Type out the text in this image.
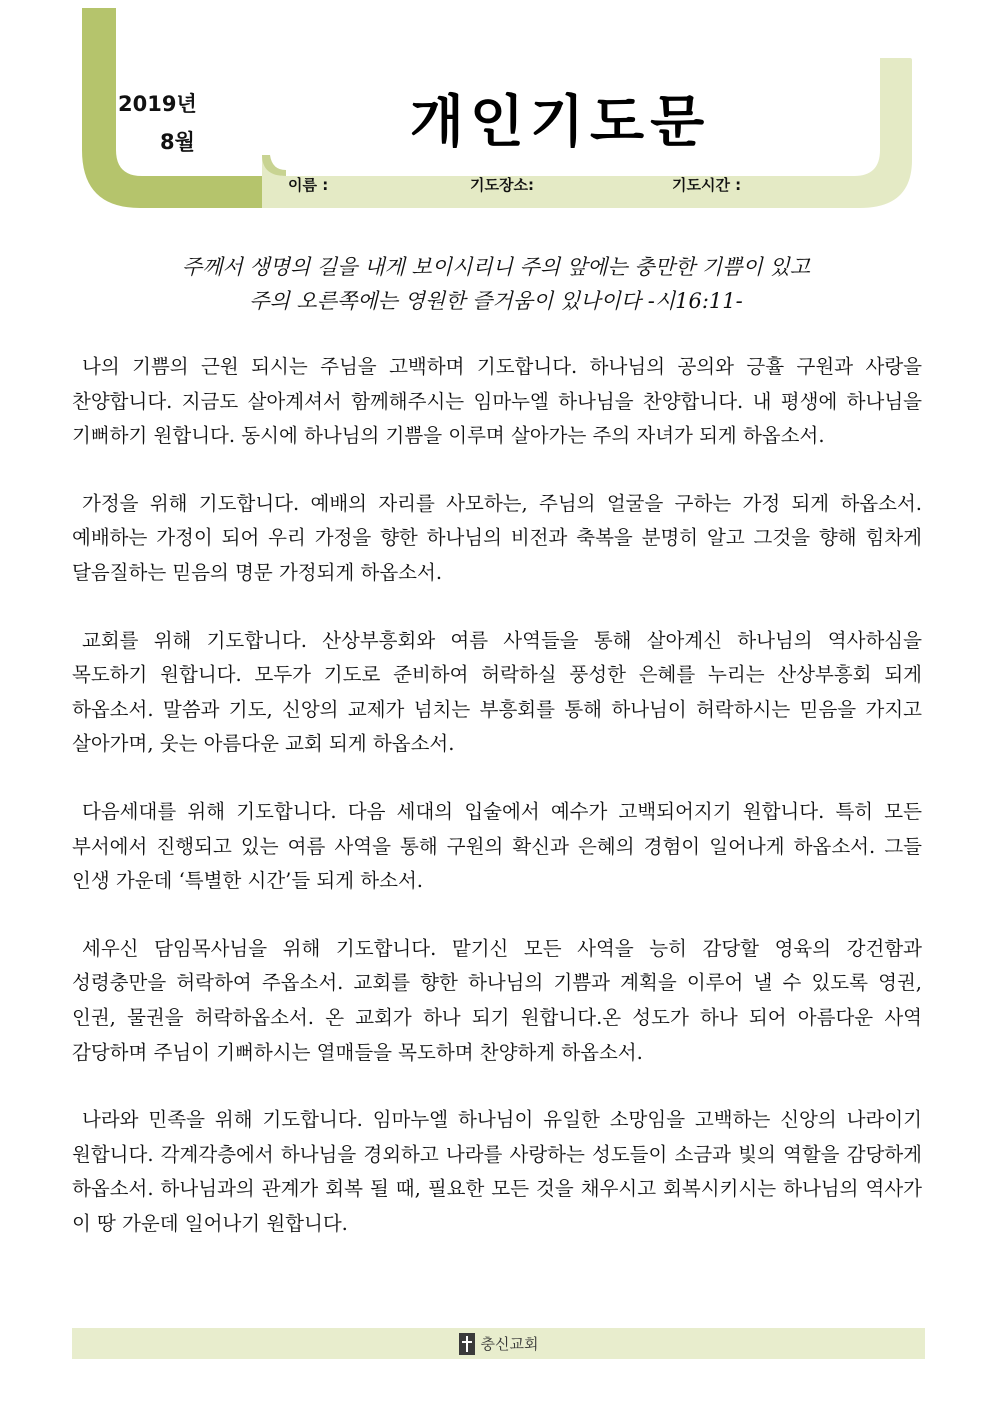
2019년
8월	개인기도문
이름 :	기도장소:	기도시간 :

주께서 생명의 길을 내게 보이시리니 주의 앞에는 충만한 기쁨이 있고

주의 오른쪽에는 영원한 즐거움이 있나이다 -시16:11-

나의 기쁨의 근원 되시는 주님을 고백하며 기도합니다. 하나님의 공의와 긍휼 구원과 사랑을 찬양합니다. 지금도 살아계셔서 함께해주시는 임마누엘 하나님을 찬양합니다. 내 평생에 하나님을 기뻐하기 원합니다. 동시에 하나님의 기쁨을 이루며 살아가는 주의 자녀가 되게 하옵소서.

가정을 위해 기도합니다. 예배의 자리를 사모하는, 주님의 얼굴을 구하는 가정 되게 하옵소서. 예배하는 가정이 되어 우리 가정을 향한 하나님의 비전과 축복을 분명히 알고 그것을 향해 힘차게 달음질하는 믿음의 명문 가정되게 하옵소서.

교회를 위해 기도합니다. 산상부흥회와 여름 사역들을 통해 살아계신 하나님의 역사하심을 목도하기 원합니다. 모두가 기도로 준비하여 허락하실 풍성한 은혜를 누리는 산상부흥회 되게 하옵소서. 말씀과 기도, 신앙의 교제가 넘치는 부흥회를 통해 하나님이 허락하시는 믿음을 가지고 살아가며, 웃는 아름다운 교회 되게 하옵소서.

다음세대를 위해 기도합니다. 다음 세대의 입술에서 예수가 고백되어지기 원합니다. 특히 모든 부서에서 진행되고 있는 여름 사역을 통해 구원의 확신과 은혜의 경험이 일어나게 하옵소서. 그들 인생 가운데 ‘특별한 시간’들 되게 하소서.

세우신 담임목사님을 위해 기도합니다. 맡기신 모든 사역을 능히 감당할 영육의 강건함과 성령충만을 허락하여 주옵소서. 교회를 향한 하나님의 기쁨과 계획을 이루어 낼 수 있도록 영권, 인권, 물권을 허락하옵소서. 온 교회가 하나 되기 원합니다.온 성도가 하나 되어 아름다운 사역 감당하며 주님이 기뻐하시는 열매들을 목도하며 찬양하게 하옵소서.

나라와 민족을 위해 기도합니다. 임마누엘 하나님이 유일한 소망임을 고백하는 신앙의 나라이기 원합니다. 각계각층에서 하나님을 경외하고 나라를 사랑하는 성도들이 소금과 빛의 역할을 감당하게 하옵소서. 하나님과의 관계가 회복 될 때, 필요한 모든 것을 채우시고 회복시키시는 하나님의 역사가 이 땅 가운데 일어나기 원합니다.

충신교회
